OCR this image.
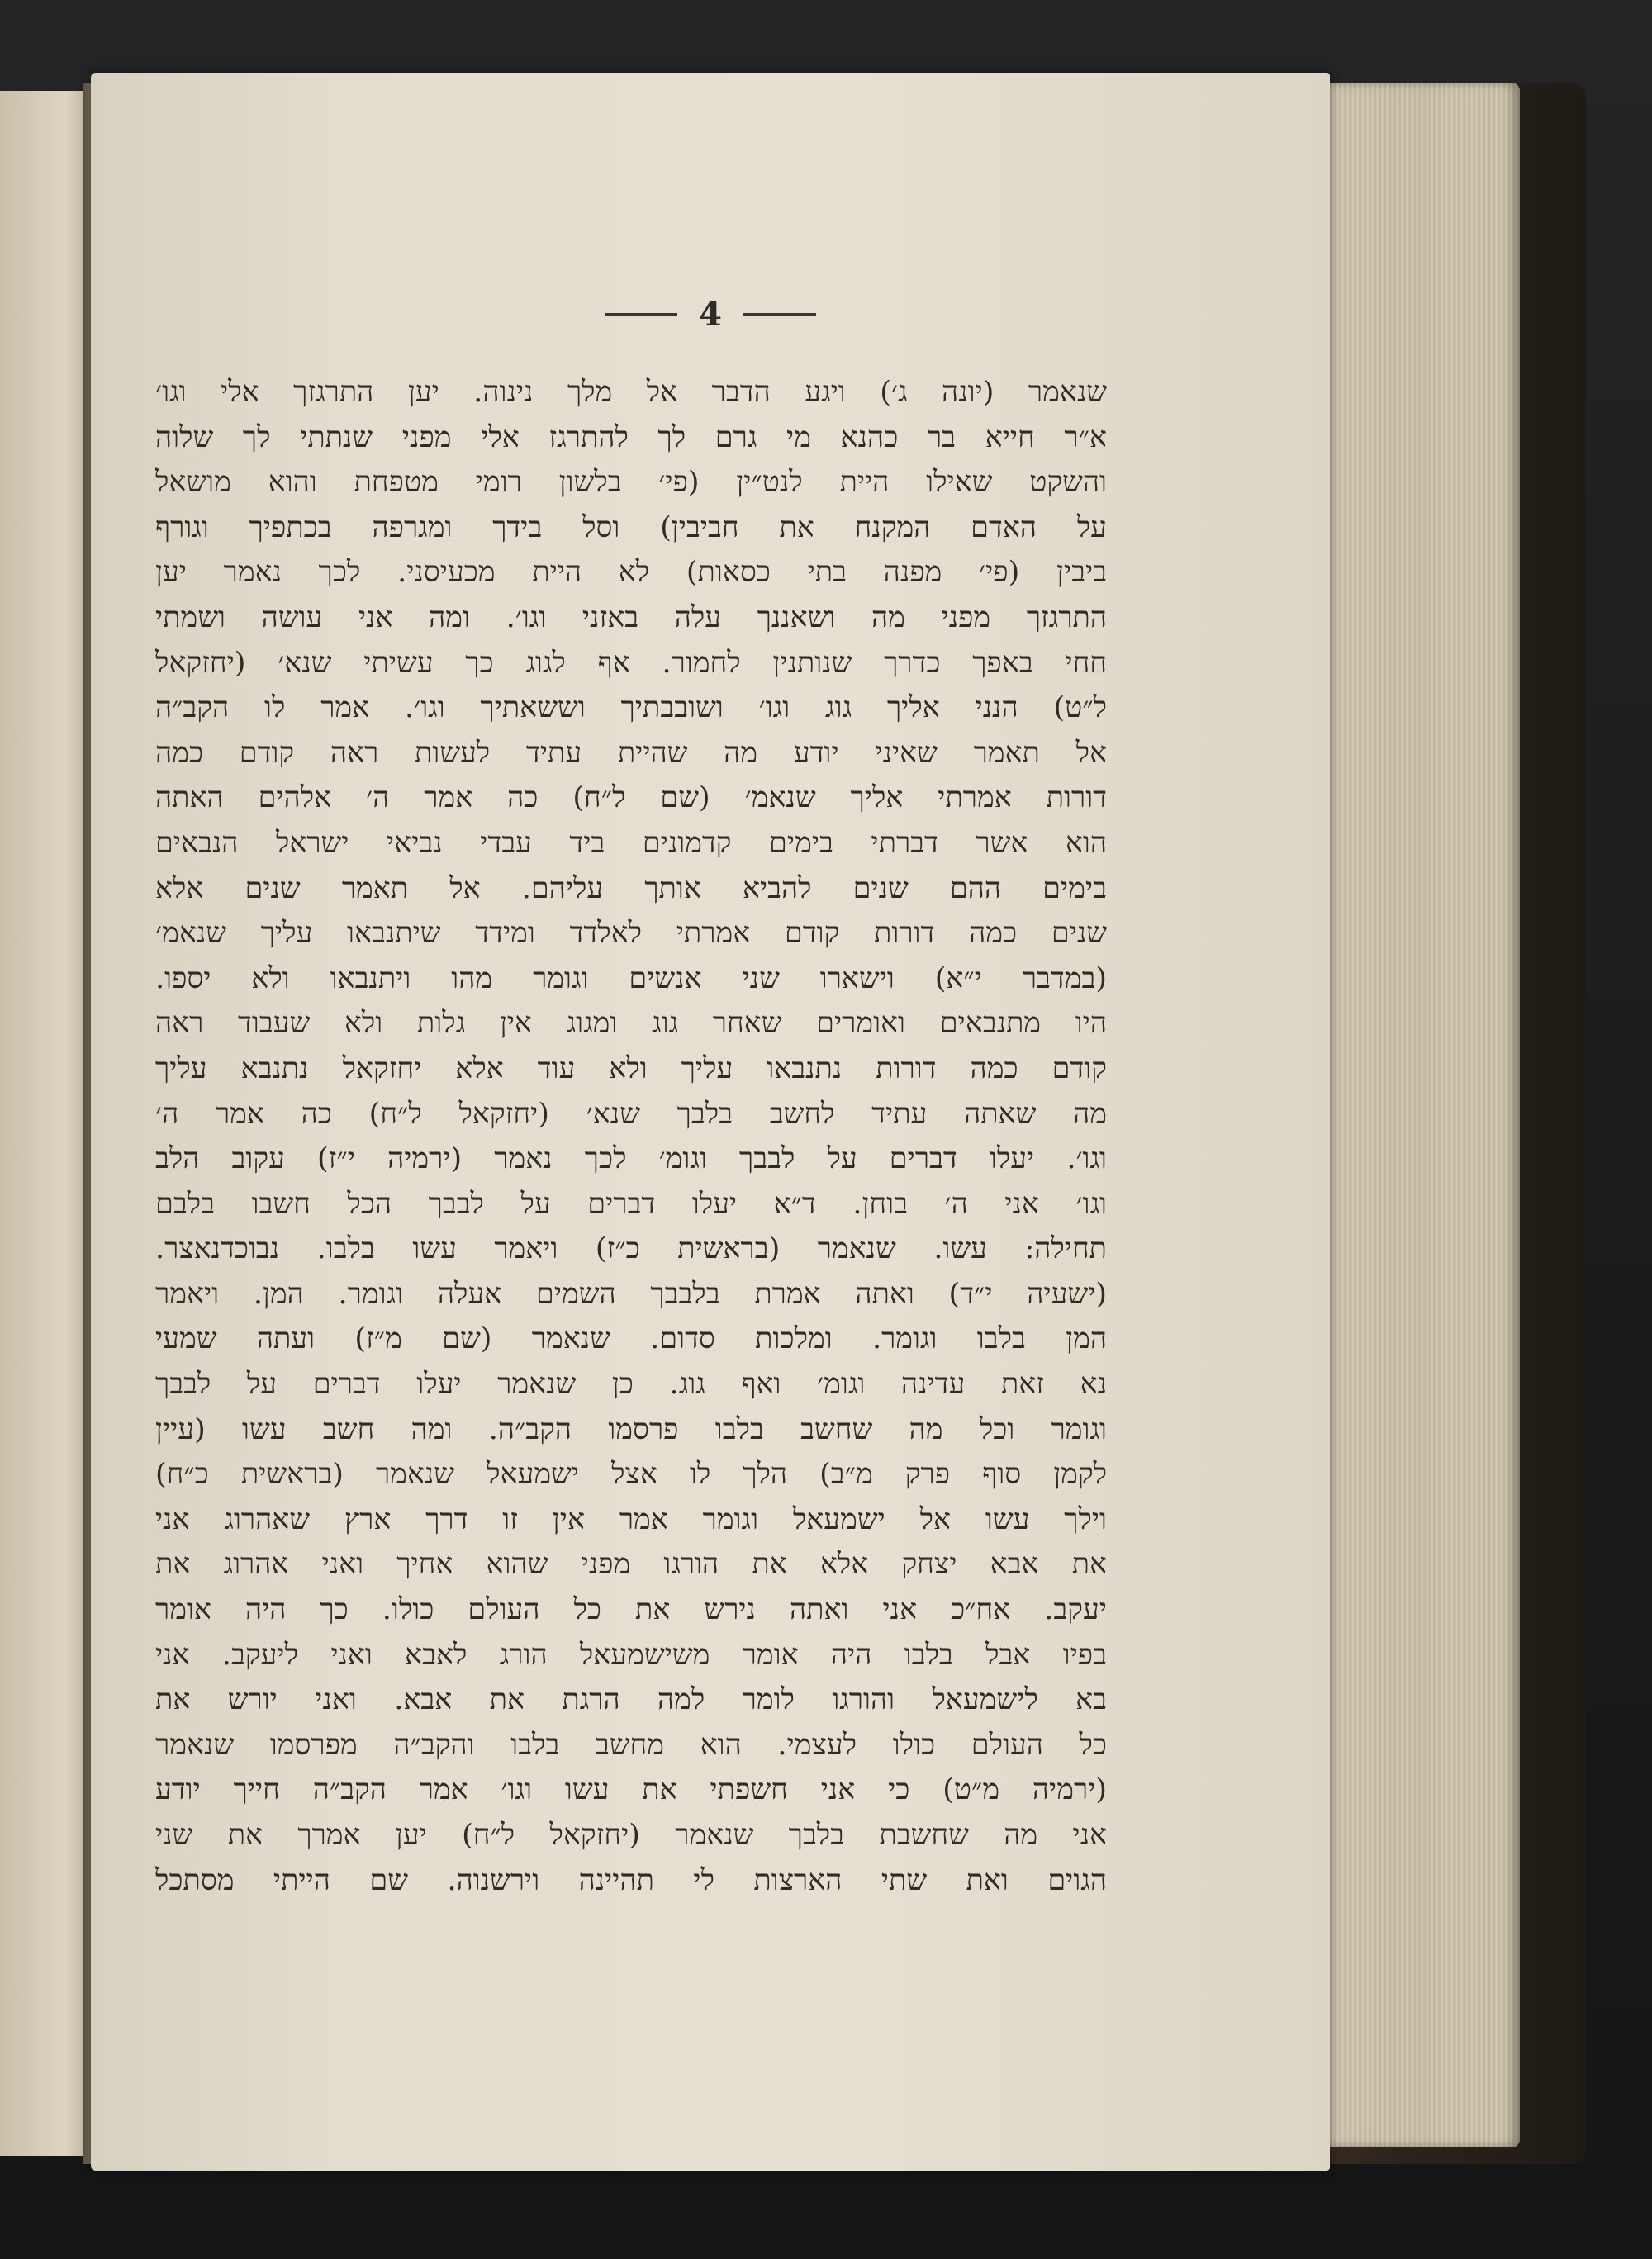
4
שנאמר (יונה ג׳) ויגע הדבר אל מלך נינוה. יען התרגזך אלי וגו׳
א״ר חייא בר כהנא מי גרם לך להתרגז אלי מפני שנתתי לך שלוה
והשקט שאילו היית לנט״ין (פי׳ בלשון רומי מטפחת והוא מושאל
על האדם המקנח את חביבין) וסל בידך ומגרפה בכתפיך וגורף
ביבין (פי׳ מפנה בתי כסאות) לא היית מכעיסני. לכך נאמר יען
התרגזך מפני מה ושאננך עלה באזני וגו׳. ומה אני עושה ושמתי
חחי באפך כדרך שנותנין לחמור. אף לגוג כך עשיתי שנא׳ (יחזקאל
ל״ט) הנני אליך גוג וגו׳ ושובבתיך וששאתיך וגו׳. אמר לו הקב״ה
אל תאמר שאיני יודע מה שהיית עתיד לעשות ראה קודם כמה
דורות אמרתי אליך שנאמ׳ (שם ל״ח) כה אמר ה׳ אלהים האתה
הוא אשר דברתי בימים קדמונים ביד עבדי נביאי ישראל הנבאים
בימים ההם שנים להביא אותך עליהם. אל תאמר שנים אלא
שנים כמה דורות קודם אמרתי לאלדד ומידד שיתנבאו עליך שנאמ׳
(במדבר י״א) וישארו שני אנשים וגומר מהו ויתנבאו ולא יספו.
היו מתנבאים ואומרים שאחר גוג ומגוג אין גלות ולא שעבוד ראה
קודם כמה דורות נתנבאו עליך ולא עוד אלא יחזקאל נתנבא עליך
מה שאתה עתיד לחשב בלבך שנא׳ (יחזקאל ל״ח) כה אמר ה׳
וגו׳. יעלו דברים על לבבך וגומ׳ לכך נאמר (ירמיה י״ז) עקוב הלב
וגו׳ אני ה׳ בוחן. ד״א יעלו דברים על לבבך הכל חשבו בלבם
תחילה: עשו. שנאמר (בראשית כ״ז) ויאמר עשו בלבו. נבוכדנאצר.
(ישעיה י״ד) ואתה אמרת בלבבך השמים אעלה וגומר. המן. ויאמר
המן בלבו וגומר. ומלכות סדום. שנאמר (שם מ״ז) ועתה שמעי
נא זאת עדינה וגומ׳ ואף גוג. כן שנאמר יעלו דברים על לבבך
וגומר וכל מה שחשב בלבו פרסמו הקב״ה. ומה חשב עשו (עיין
לקמן סוף פרק מ״ב) הלך לו אצל ישמעאל שנאמר (בראשית כ״ח)
וילך עשו אל ישמעאל וגומר אמר אין זו דרך ארץ שאהרוג אני
את אבא יצחק אלא את הורגו מפני שהוא אחיך ואני אהרוג את
יעקב. אח״כ אני ואתה נירש את כל העולם כולו. כך היה אומר
בפיו אבל בלבו היה אומר משישמעאל הורג לאבא ואני ליעקב. אני
בא לישמעאל והורגו לומר למה הרגת את אבא. ואני יורש את
כל העולם כולו לעצמי. הוא מחשב בלבו והקב״ה מפרסמו שנאמר
(ירמיה מ״ט) כי אני חשפתי את עשו וגו׳ אמר הקב״ה חייך יודע
אני מה שחשבת בלבך שנאמר (יחזקאל ל״ח) יען אמרך את שני
הגוים ואת שתי הארצות לי תהיינה וירשנוה. שם הייתי מסתכל
